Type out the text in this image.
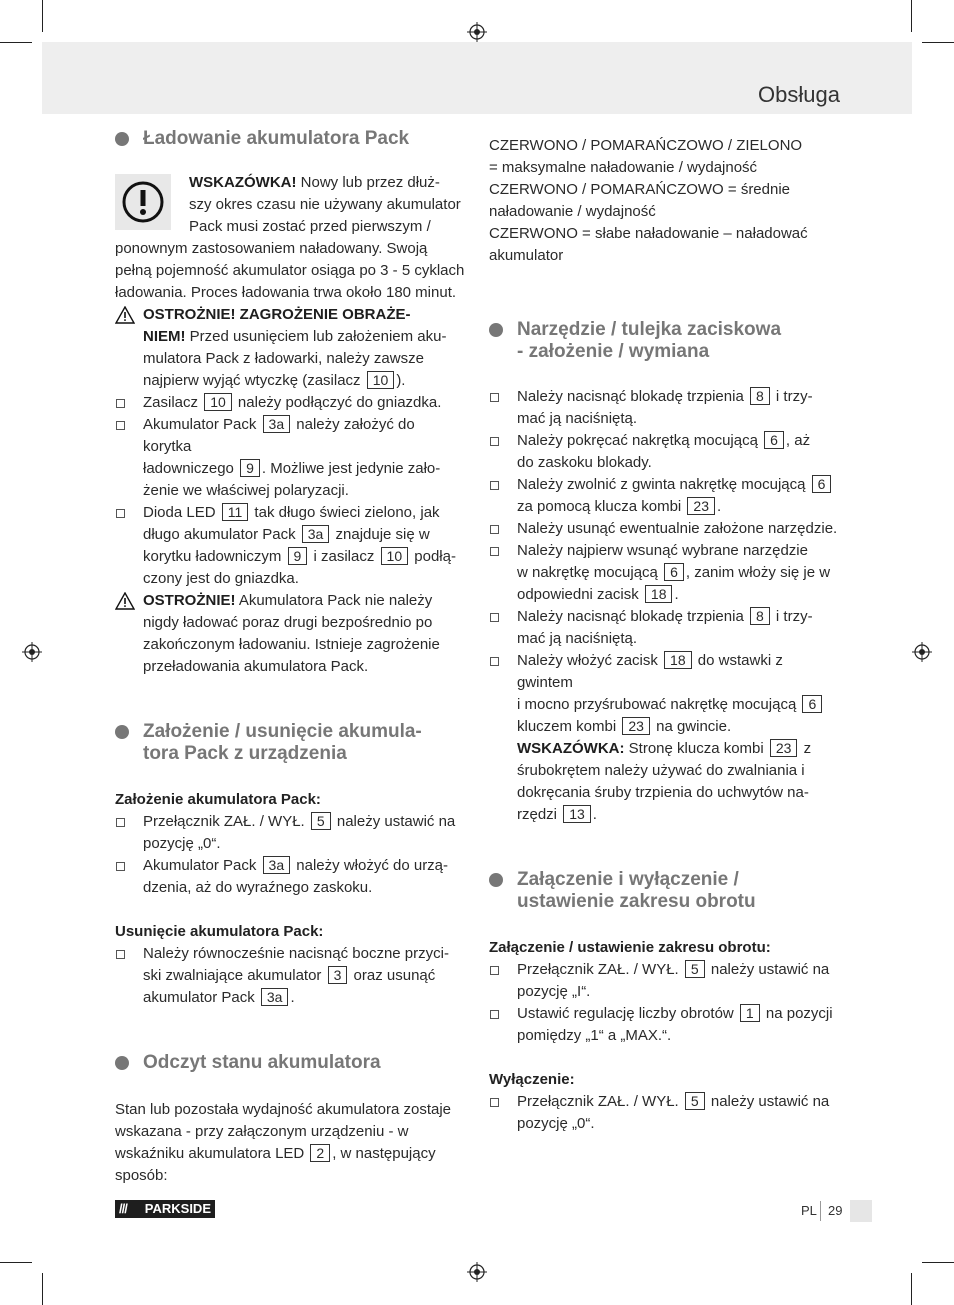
Obsługa
Ładowanie akumulatora Pack
WSKAZÓWKA! Nowy lub przez dłuż-
szy okres czasu nie używany akumulator
Pack musi zostać przed pierwszym /
ponownym zastosowaniem naładowany. Swoją
pełną pojemność akumulator osiąga po 3 - 5 cyklach
ładowania. Proces ładowania trwa około 180 minut.
OSTROŻNIE! ZAGROŻENIE OBRAŻE-
NIEM! Przed usunięciem lub założeniem aku-
mulatora Pack z ładowarki, należy zawsze
najpierw wyjąć wtyczkę (zasilacz 10 ).
Zasilacz 10 należy podłączyć do gniazdka.
Akumulator Pack 3a należy założyć do korytka
ładowniczego 9 . Możliwe jest jedynie zało-
żenie we właściwej polaryzacji.
Dioda LED 11 tak długo świeci zielono, jak
długo akumulator Pack 3a znajduje się w
korytku ładowniczym 9 i zasilacz 10 podłą-
czony jest do gniazdka.
OSTROŻNIE! Akumulatora Pack nie należy
nigdy ładować poraz drugi bezpośrednio po
zakończonym ładowaniu. Istnieje zagrożenie
przeładowania akumulatora Pack.
Założenie / usunięcie akumula-
tora Pack z urządzenia

Założenie akumulatora Pack:

Przełącznik ZAŁ. / WYŁ. 5 należy ustawić na
pozycję „0“.
Akumulator Pack 3a należy włożyć do urzą-
dzenia, aż do wyraźnego zaskoku.

Usunięcie akumulatora Pack:

Należy równocześnie nacisnąć boczne przyci-
ski zwalniające akumulator 3 oraz usunąć
akumulator Pack 3a .
Odczyt stanu akumulatora
Stan lub pozostała wydajność akumulatora zostaje
wskazana - przy załączonym urządzeniu - w
wskaźniku akumulatora LED 2 , w następujący
sposób:
CZERWONO / POMARAŃCZOWO / ZIELONO
= maksymalne naładowanie / wydajność
CZERWONO / POMARAŃCZOWO = średnie
naładowanie / wydajność
CZERWONO = słabe naładowanie – naładować
akumulator
Narzędzie / tulejka zaciskowa
- założenie / wymiana
Należy nacisnąć blokadę trzpienia 8 i trzy-
mać ją naciśniętą.
Należy pokręcać nakrętką mocującą 6 , aż
do zaskoku blokady.
Należy zwolnić z gwinta nakrętkę mocującą 6
za pomocą klucza kombi 23 .
Należy usunąć ewentualnie założone narzędzie.
Należy najpierw wsunąć wybrane narzędzie
w nakrętkę mocującą 6 , zanim włoży się je w
odpowiedni zacisk 18 .
Należy nacisnąć blokadę trzpienia 8 i trzy-
mać ją naciśniętą.
Należy włożyć zacisk 18 do wstawki z gwintem
i mocno przyśrubować nakrętkę mocującą 6
kluczem kombi 23 na gwincie.
WSKAZÓWKA: Stronę klucza kombi 23 z
śrubokrętem należy używać do zwalniania i
dokręcania śruby trzpienia do uchwytów na-
rzędzi 13 .
Załączenie i wyłączenie /
ustawienie zakresu obrotu

Załączenie / ustawienie zakresu obrotu:

Przełącznik ZAŁ. / WYŁ. 5 należy ustawić na
pozycję „I“.
Ustawić regulację liczby obrotów 1 na pozycji
pomiędzy „1“ a „MAX.“.

Wyłączenie:

Przełącznik ZAŁ. / WYŁ. 5 należy ustawić na
pozycję „0“.
/// PARKSIDE	PL 29
